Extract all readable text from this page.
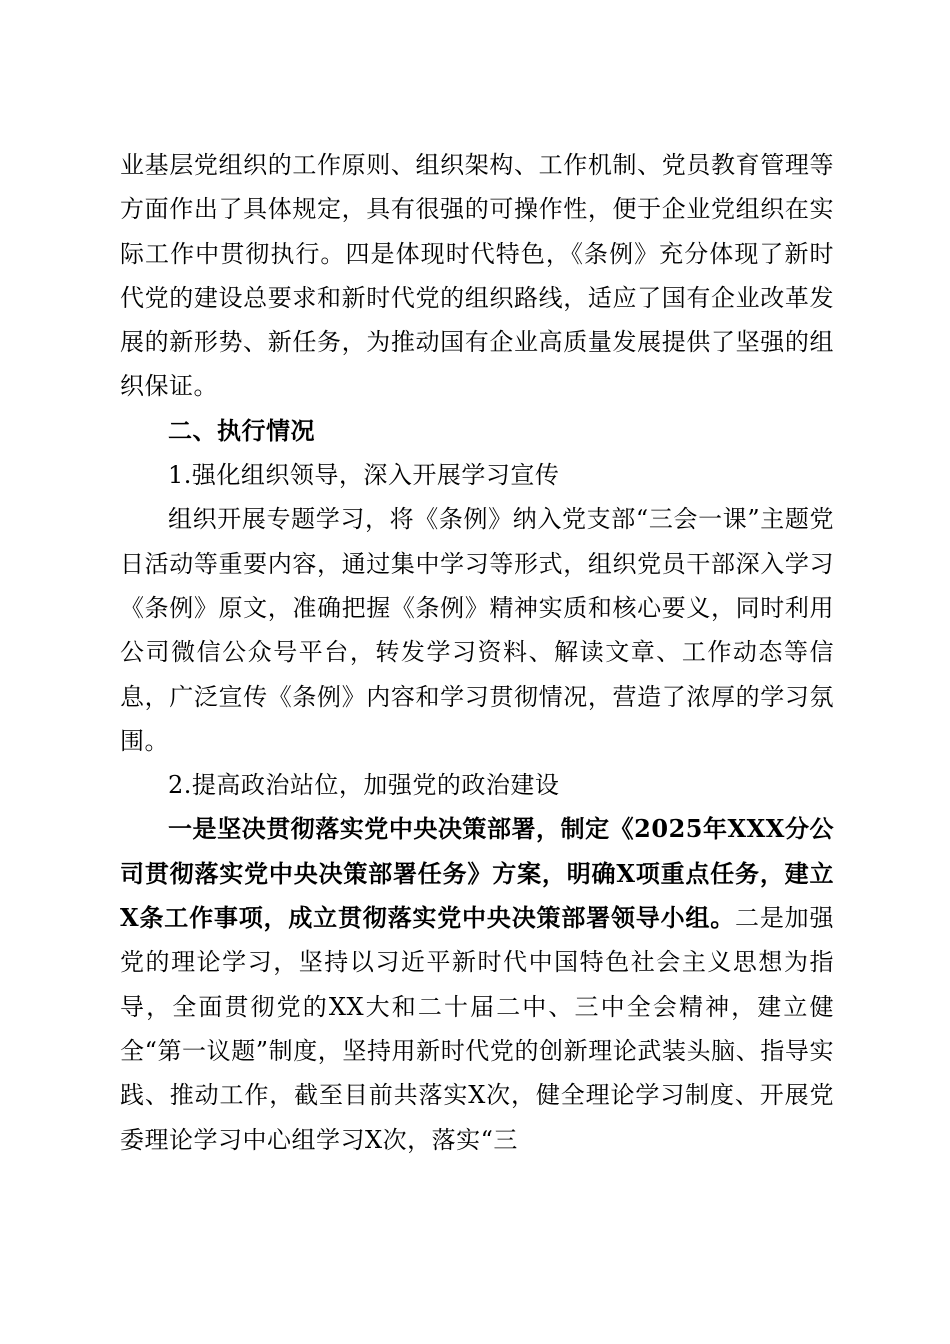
业基层党组织的工作原则、组织架构、工作机制、党员教育管理等方面作出了具体规定，具有很强的可操作性，便于企业党组织在实际工作中贯彻执行。四是体现时代特色，《条例》充分体现了新时代党的建设总要求和新时代党的组织路线，适应了国有企业改革发展的新形势、新任务，为推动国有企业高质量发展提供了坚强的组织保证。

二、执行情况

1.强化组织领导，深入开展学习宣传

组织开展专题学习，将《条例》纳入党支部“三会一课”主题党日活动等重要内容，通过集中学习等形式，组织党员干部深入学习《条例》原文，准确把握《条例》精神实质和核心要义，同时利用公司微信公众号平台，转发学习资料、解读文章、工作动态等信息，广泛宣传《条例》内容和学习贯彻情况，营造了浓厚的学习氛围。

2.提高政治站位，加强党的政治建设

一是坚决贯彻落实党中央决策部署，制定《2025年XXX分公司贯彻落实党中央决策部署任务》方案，明确X项重点任务，建立X条工作事项，成立贯彻落实党中央决策部署领导小组。二是加强党的理论学习，坚持以习近平新时代中国特色社会主义思想为指导，全面贯彻党的XX大和二十届二中、三中全会精神，建立健全“第一议题”制度，坚持用新时代党的创新理论武装头脑、指导实践、推动工作，截至目前共落实X次，健全理论学习制度、开展党委理论学习中心组学习X次，落实“三
